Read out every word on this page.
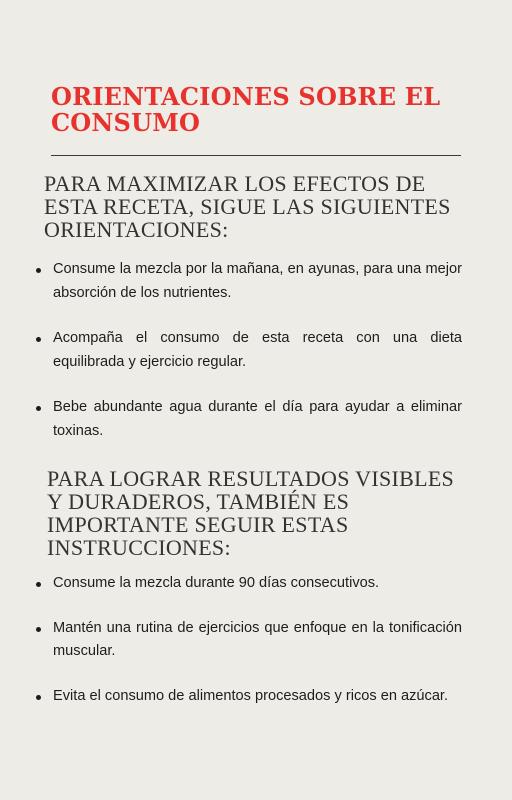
ORIENTACIONES SOBRE EL CONSUMO
PARA MAXIMIZAR LOS EFECTOS DE ESTA RECETA, SIGUE LAS SIGUIENTES ORIENTACIONES:
Consume la mezcla por la mañana, en ayunas, para una mejor absorción de los nutrientes.
Acompaña el consumo de esta receta con una dieta equilibrada y ejercicio regular.
Bebe abundante agua durante el día para ayudar a eliminar toxinas.
PARA LOGRAR RESULTADOS VISIBLES Y DURADEROS, TAMBIÉN ES IMPORTANTE SEGUIR ESTAS INSTRUCCIONES:
Consume la mezcla durante 90 días consecutivos.
Mantén una rutina de ejercicios que enfoque en la tonificación muscular.
Evita el consumo de alimentos procesados y ricos en azúcar.
